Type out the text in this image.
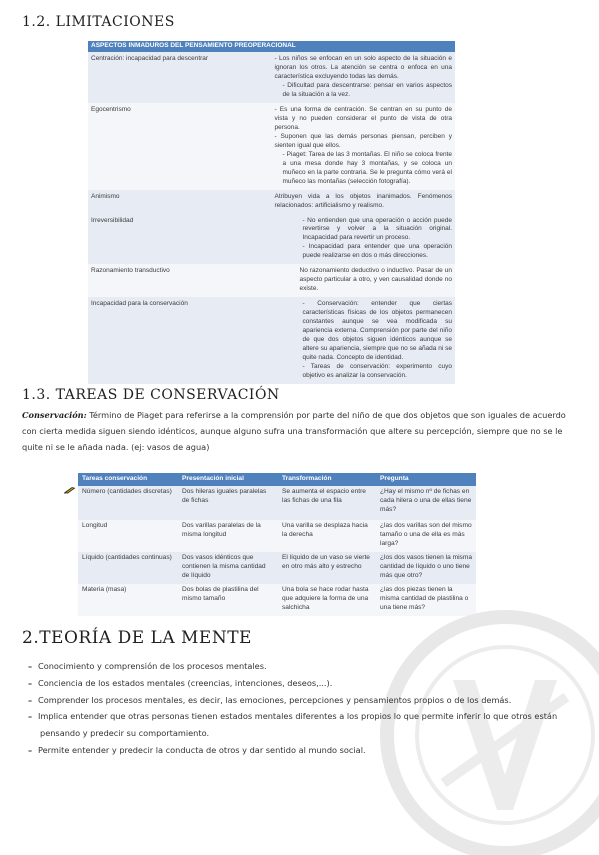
1.2. LIMITACIONES
ASPECTOS INMADUROS DEL PENSAMIENTO PREOPERACIONAL	
Centración: incapacidad para descentrar	- Los niños se enfocan en un solo aspecto de la situación e ignoran los otros. La atención se centra o enfoca en una característica excluyendo todas las demás.
- Dificultad para descentrarse: pensar en varios aspectos de la situación a la vez.

Egocentrismo	- Es una forma de centración. Se centran en su punto de vista y no pueden considerar el punto de vista de otra persona.
- Suponen que las demás personas piensan, perciben y sienten igual que ellos.
- Piaget: Tarea de las 3 montañas. El niño se coloca frente a una mesa donde hay 3 montañas, y se coloca un muñeco en la parte contraria. Se le pregunta cómo verá el muñeco las montañas (selección fotografía).

Animismo	Atribuyen vida a los objetos inanimados. Fenómenos relacionados: artificialismo y realismo.
Irreversibilidad	- No entienden que una operación o acción puede revertirse y volver a la situación original. Incapacidad para revertir un proceso.
- Incapacidad para entender que una operación puede realizarse en dos o más direcciones.

Razonamiento transductivo	No razonamiento deductivo o inductivo. Pasar de un aspecto particular a otro, y ven causalidad donde no existe.
Incapacidad para la conservación	- Conservación: entender que ciertas características físicas de los objetos permanecen constantes aunque se vea modificada su apariencia externa. Comprensión por parte del niño de que dos objetos siguen idénticos aunque se altere su apariencia, siempre que no se añada ni se quite nada. Concepto de identidad.
- Tareas de conservación: experimento cuyo objetivo es analizar la conservación.
1.3. TAREAS DE CONSERVACIÓN

Conservación: Término de Piaget para referirse a la comprensión por parte del niño de que dos objetos que son iguales de acuerdo con cierta medida siguen siendo idénticos, aunque alguno sufra una transformación que altere su percepción, siempre que no se le quite ni se le añada nada. (ej: vasos de agua)

Tareas conservación	Presentación inicial	Transformación	Pregunta
Número (cantidades discretas)	Dos hileras iguales paralelas de fichas	Se aumenta el espacio entre las fichas de una fila	¿Hay el mismo nº de fichas en cada hilera o una de ellas tiene más?
Longitud	Dos varillas paralelas de la misma longitud	Una varilla se desplaza hacia la derecha	¿las dos varillas son del mismo tamaño o una de ella es más larga?
Líquido (cantidades continuas)	Dos vasos idénticos que contienen la misma cantidad de líquido	El líquido de un vaso se vierte en otro más alto y estrecho	¿los dos vasos tienen la misma cantidad de líquido o uno tiene más que otro?
Materia (masa)	Dos bolas de plastilina del mismo tamaño	Una bola se hace rodar hasta que adquiere la forma de una salchicha	¿las dos piezas tienen la misma cantidad de plastilina o una tiene más?
2.TEORÍA DE LA MENTE
– Conocimiento y comprensión de los procesos mentales.
– Conciencia de los estados mentales (creencias, intenciones, deseos,...).
– Comprender los procesos mentales, es decir, las emociones, percepciones y pensamientos propios o de los demás.
– Implica entender que otras personas tienen estados mentales diferentes a los propios lo que permite inferir lo que otros están pensando y predecir su comportamiento.
– Permite entender y predecir la conducta de otros y dar sentido al mundo social.
